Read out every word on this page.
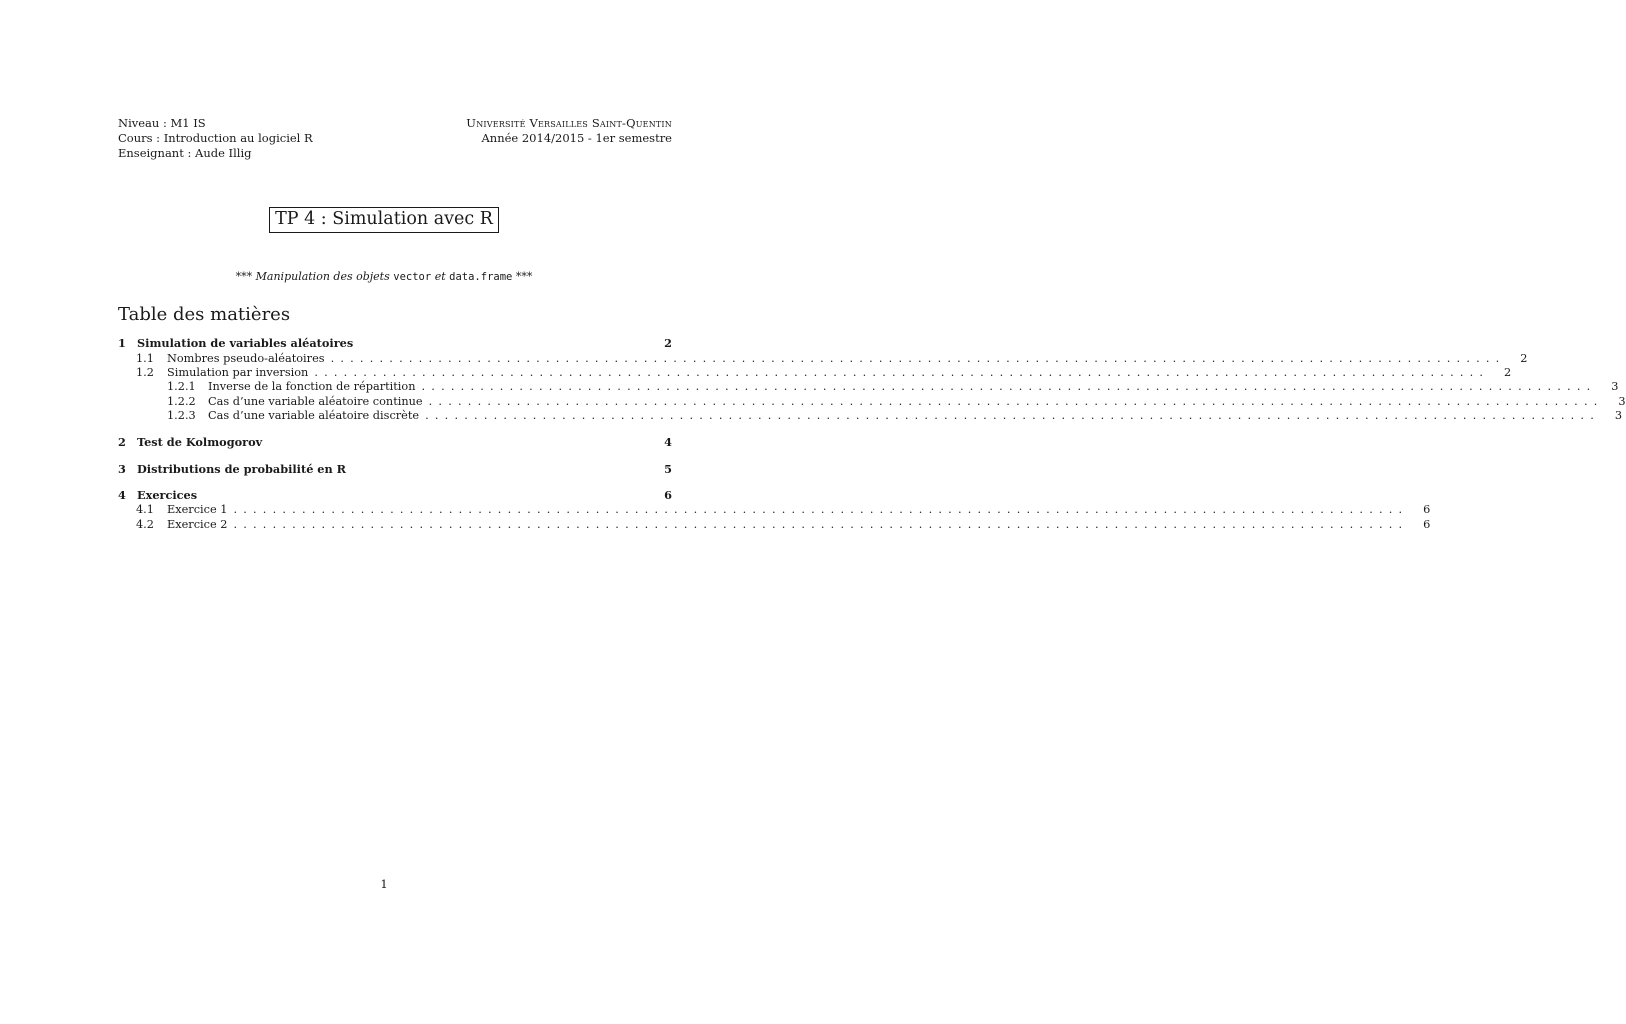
Niveau : M1 IS	Université Versailles Saint-Quentin
Cours : Introduction au logiciel R	Année 2014/2015 - 1er semestre
Enseignant : Aude Illig
TP 4 : Simulation avec R
*** Manipulation des objets vector et data.frame ***
Table des matières
1 Simulation de variables aléatoires	2
1.1	Nombres pseudo-aléatoires ........................................................................................................................	2
1.2	Simulation par inversion ........................................................................................................................	2
1.2.1	Inverse de la fonction de répartition ........................................................................................................................	3
1.2.2	Cas d’une variable aléatoire continue ........................................................................................................................	3
1.2.3	Cas d’une variable aléatoire discrète ........................................................................................................................	3
2 Test de Kolmogorov	4
3 Distributions de probabilité en R	5
4 Exercices	6
4.1	Exercice 1 ........................................................................................................................	6
4.2	Exercice 2 ........................................................................................................................	6
1
